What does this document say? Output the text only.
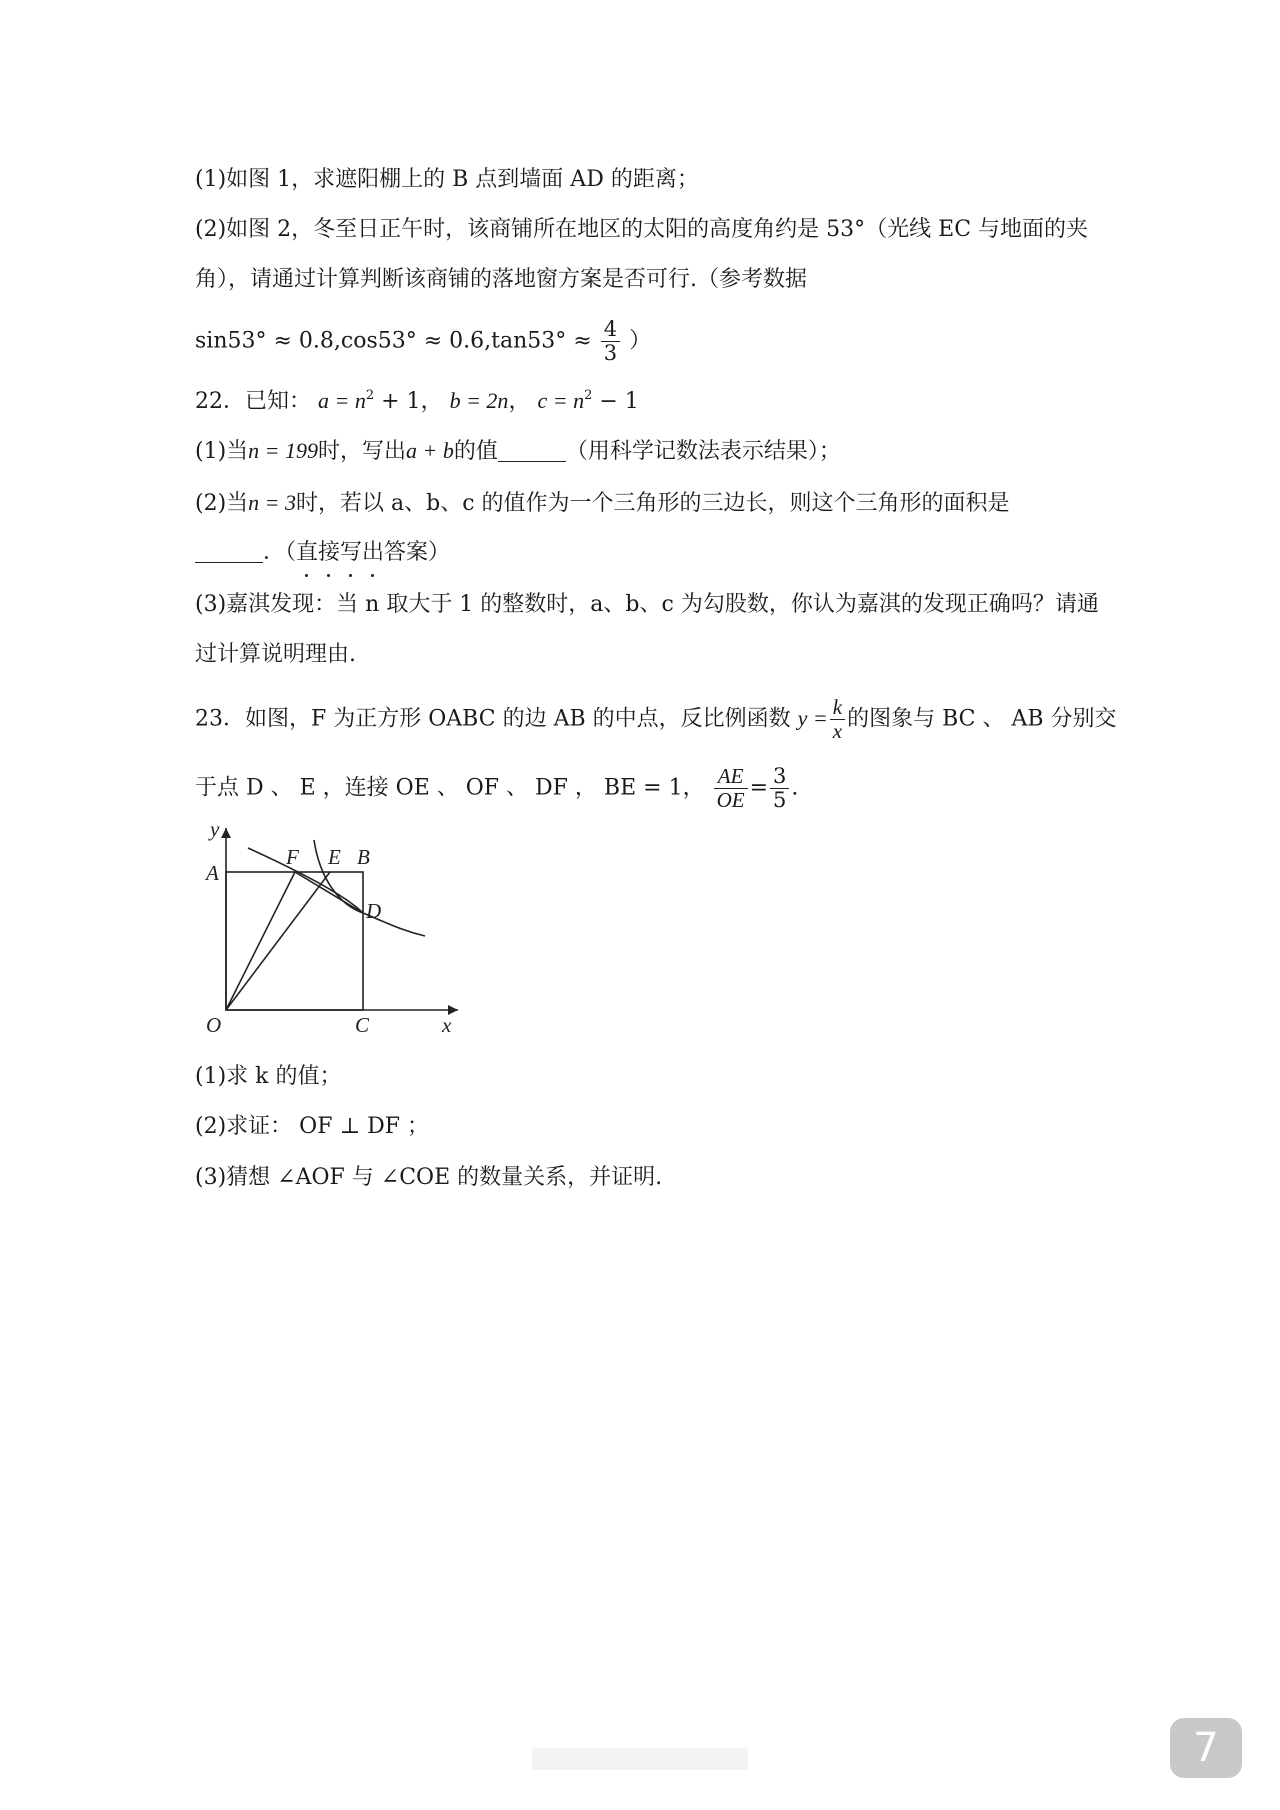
(1)如图 1，求遮阳棚上的 B 点到墙面 AD 的距离；
(2)如图 2，冬至日正午时，该商铺所在地区的太阳的高度角约是 53°（光线 EC 与地面的夹
角），请通过计算判断该商铺的落地窗方案是否可行.（参考数据
$\sin 53^\circ \approx 0.8,\cos 53^\circ \approx 0.6,\tan 53^\circ \approx \frac{4}{3}$ ）
22．已知： $a = n^2 + 1$， b = 2n， $c = n^2 - 1$
(1)当n = 199时，写出a + b的值	（用科学记数法表示结果）；
(2)当n = 3时，若以 a、b、c 的值作为一个三角形的三边长，则这个三角形的面积是
．（直接写出
答案）
(3)嘉淇发现：当 n 取大于 1 的整数时，a、b、c 为勾股数，你认为嘉淇的发现正确吗？请通
过计算说明理由.
23．如图，F 为正方形 OABC 的边 AB 的中点，反比例函数 $y = \frac{k}{x}$ 的图象与 BC 、 AB 分别交
于点 D 、 E ，连接 OE 、 OF 、 DF ， BE = 1， $\frac{AE}{OE} = \frac{3}{5}$ .
y
x
O
A
F E B
D
C
(1)求 k 的值；
(2)求证： OF ⊥ DF ；
(3)猜想 ∠AOF 与 ∠COE 的数量关系，并证明.
7
